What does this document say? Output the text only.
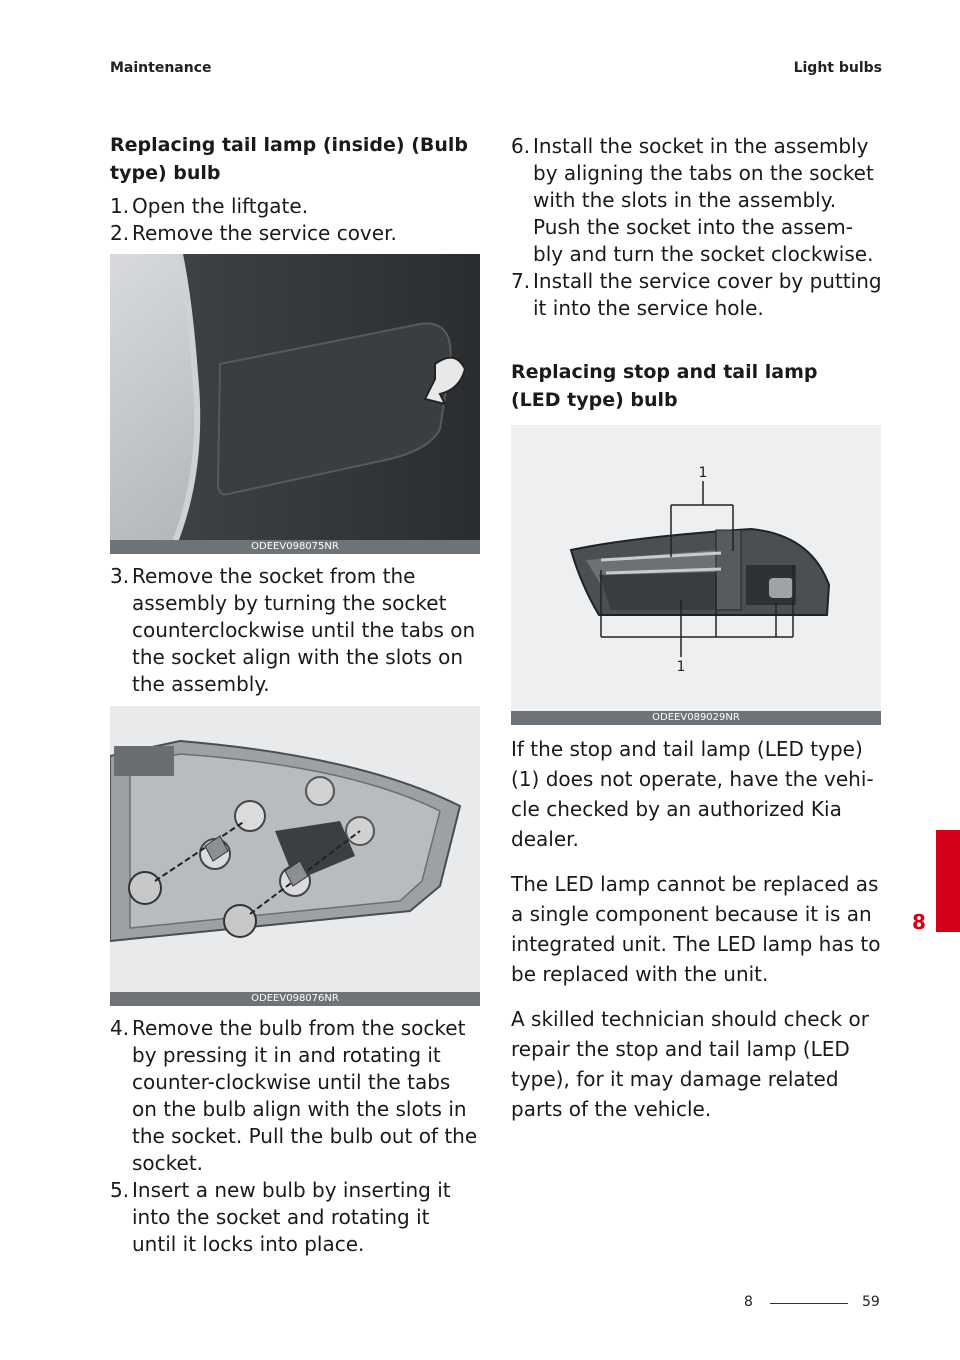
Maintenance	Light bulbs
Replacing tail lamp (inside) (Bulb type) bulb
1. Open the liftgate.
2. Remove the service cover.
ODEEV098075NR
3. Remove the socket from the assembly by turning the socket counterclockwise until the tabs on the socket align with the slots on the assembly.
ODEEV098076NR
4. Remove the bulb from the socket by pressing it in and rotating it counter-clockwise until the tabs on the bulb align with the slots in the socket. Pull the bulb out of the socket.
5. Insert a new bulb by inserting it into the socket and rotating it until it locks into place.
6. Install the socket in the assembly by aligning the tabs on the socket with the slots in the assembly. Push the socket into the assem-bly and turn the socket clockwise.
7. Install the service cover by putting it into the service hole.
Replacing stop and tail lamp (LED type) bulb
1
1
ODEEV089029NR

If the stop and tail lamp (LED type) (1) does not operate, have the vehi-cle checked by an authorized Kia dealer.

The LED lamp cannot be replaced as a single component because it is an integrated unit. The LED lamp has to be replaced with the unit.

A skilled technician should check or repair the stop and tail lamp (LED type), for it may damage related parts of the vehicle.

8
8	59
